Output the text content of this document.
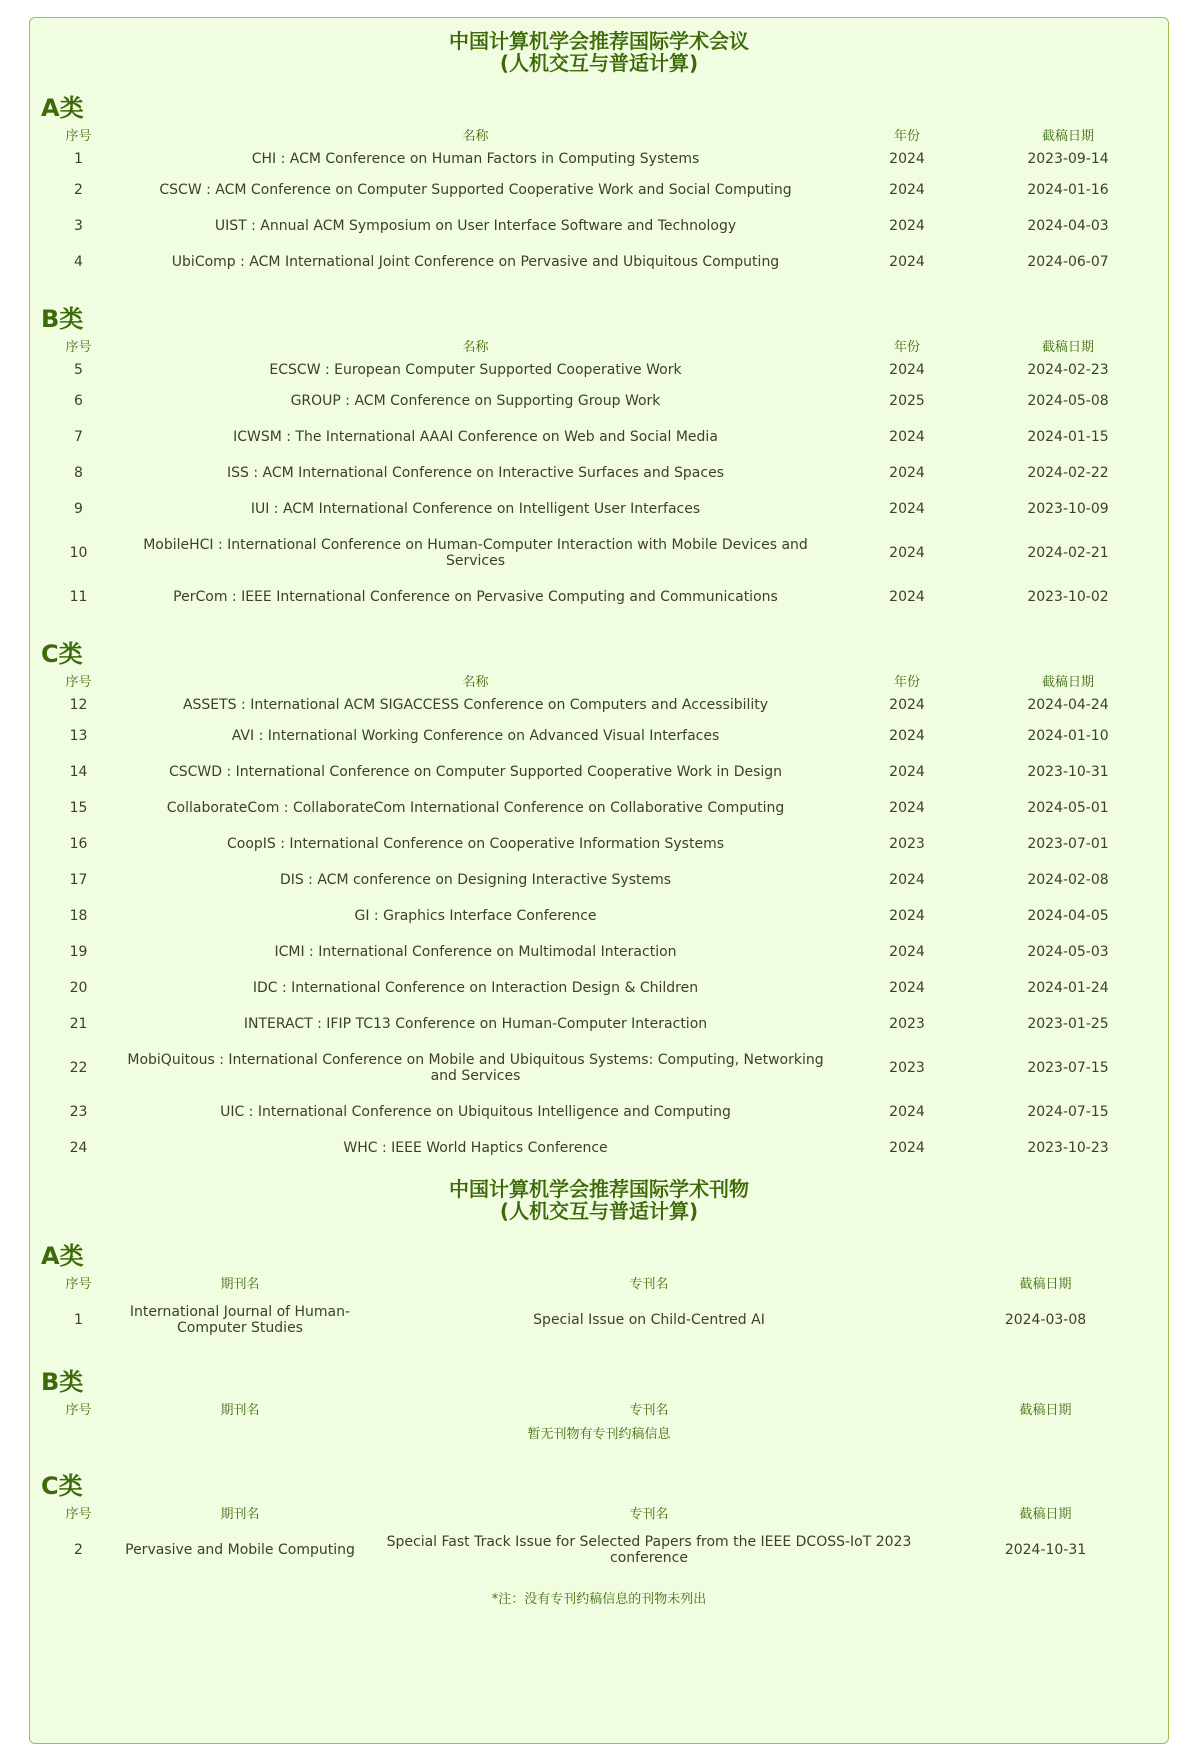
中国计算机学会推荐国际学术会议
(人机交互与普适计算)
A类
序号	名称	年份	截稿日期
1	CHI : ACM Conference on Human Factors in Computing Systems	2024	2023-09-14
2	CSCW : ACM Conference on Computer Supported Cooperative Work and Social Computing	2024	2024-01-16
3	UIST : Annual ACM Symposium on User Interface Software and Technology	2024	2024-04-03
4	UbiComp : ACM International Joint Conference on Pervasive and Ubiquitous Computing	2024	2024-06-07
B类
序号	名称	年份	截稿日期
5	ECSCW : European Computer Supported Cooperative Work	2024	2024-02-23
6	GROUP : ACM Conference on Supporting Group Work	2025	2024-05-08
7	ICWSM : The International AAAI Conference on Web and Social Media	2024	2024-01-15
8	ISS : ACM International Conference on Interactive Surfaces and Spaces	2024	2024-02-22
9	IUI : ACM International Conference on Intelligent User Interfaces	2024	2023-10-09
10	MobileHCI : International Conference on Human-Computer Interaction with Mobile Devices and Services	2024	2024-02-21
11	PerCom : IEEE International Conference on Pervasive Computing and Communications	2024	2023-10-02
C类
序号	名称	年份	截稿日期
12	ASSETS : International ACM SIGACCESS Conference on Computers and Accessibility	2024	2024-04-24
13	AVI : International Working Conference on Advanced Visual Interfaces	2024	2024-01-10
14	CSCWD : International Conference on Computer Supported Cooperative Work in Design	2024	2023-10-31
15	CollaborateCom : CollaborateCom International Conference on Collaborative Computing	2024	2024-05-01
16	CoopIS : International Conference on Cooperative Information Systems	2023	2023-07-01
17	DIS : ACM conference on Designing Interactive Systems	2024	2024-02-08
18	GI : Graphics Interface Conference	2024	2024-04-05
19	ICMI : International Conference on Multimodal Interaction	2024	2024-05-03
20	IDC : International Conference on Interaction Design & Children	2024	2024-01-24
21	INTERACT : IFIP TC13 Conference on Human-Computer Interaction	2023	2023-01-25
22	MobiQuitous : International Conference on Mobile and Ubiquitous Systems: Computing, Networking and Services	2023	2023-07-15
23	UIC : International Conference on Ubiquitous Intelligence and Computing	2024	2024-07-15
24	WHC : IEEE World Haptics Conference	2024	2023-10-23
中国计算机学会推荐国际学术刊物
(人机交互与普适计算)
A类
序号	期刊名	专刊名	截稿日期
1	International Journal of Human-Computer Studies	Special Issue on Child-Centred AI	2024-03-08
B类
序号	期刊名	专刊名	截稿日期
暂无刊物有专刊约稿信息
C类
序号	期刊名	专刊名	截稿日期
2	Pervasive and Mobile Computing	Special Fast Track Issue for Selected Papers from the IEEE DCOSS-IoT 2023 conference	2024-10-31

*注：没有专刊约稿信息的刊物未列出
